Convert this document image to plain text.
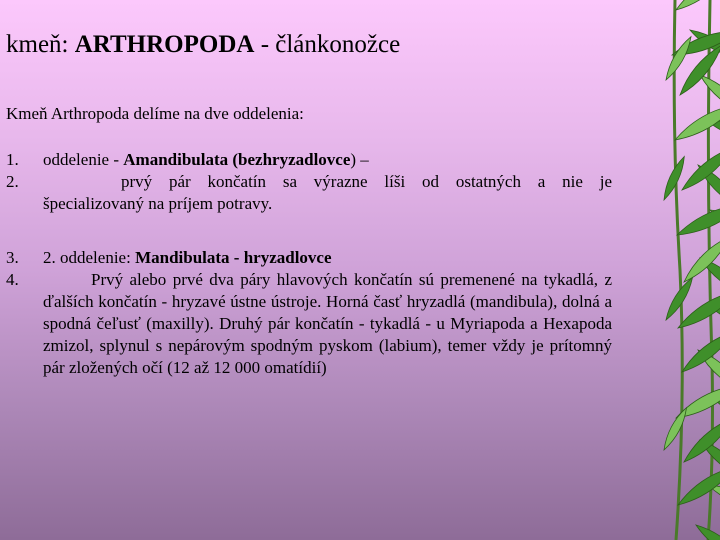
kmeň: ARTHROPODA - článkonožce
Kmeň Arthropoda delíme na dve oddelenia:
1.
2.
oddelenie - Amandibulata (bezhryzadlovce) –
prvý pár končatín sa výrazne líši od ostatných a nie je
špecializovaný na príjem potravy.
3.
4.
2. oddelenie: Mandibulata - hryzadlovce
Prvý alebo prvé dva páry hlavových končatín sú premenené na tykadlá, z ďalších končatín - hryzavé ústne ústroje. Horná časť hryzadlá (mandibula), dolná a spodná čeľusť (maxilly). Druhý pár končatín - tykadlá - u Myriapoda a Hexapoda zmizol, splynul s nepárovým spodným pyskom (labium), temer vždy je prítomný pár zložených očí (12 až 12 000 omatídií)
